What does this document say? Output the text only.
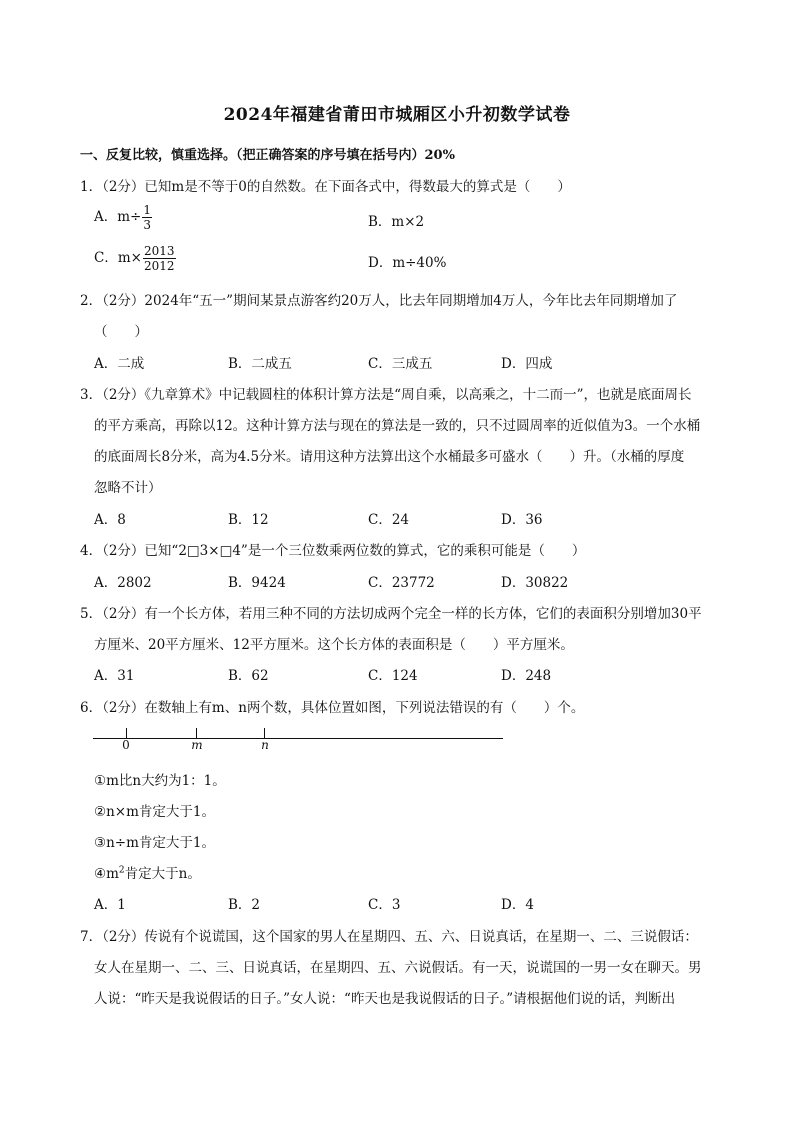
2024年福建省莆田市城厢区小升初数学试卷
一、反复比较，慎重选择。（把正确答案的序号填在括号内）20%
1．（2分）已知m是不等于0的自然数。在下面各式中，得数最大的算式是（　　）
A．$m\div \frac{1}{3}$	B．m×2
C．$m\times \frac{2013}{2012}$	D．m÷40%
2．（2分）2024年“五一”期间某景点游客约20万人，比去年同期增加4万人，今年比去年同期增加了
（　　）
A．二成	B．二成五	C．三成五	D．四成
3．（2分）《九章算术》中记载圆柱的体积计算方法是“周自乘，以高乘之，十二而一”，也就是底面周长
的平方乘高，再除以12。这种计算方法与现在的算法是一致的，只不过圆周率的近似值为3。一个水桶
的底面周长8分米，高为4.5分米。请用这种方法算出这个水桶最多可盛水（　　）升。（水桶的厚度
忽略不计）
A．8	B．12	C．24	D．36
4．（2分）已知“2□3×□4”是一个三位数乘两位数的算式，它的乘积可能是（　　）
A．2802	B．9424	C．23772	D．30822
5．（2分）有一个长方体，若用三种不同的方法切成两个完全一样的长方体，它们的表面积分别增加30平
方厘米、20平方厘米、12平方厘米。这个长方体的表面积是（　　）平方厘米。
A．31	B．62	C．124	D．248
6．（2分）在数轴上有m、n两个数，具体位置如图，下列说法错误的有（　　）个。
0	m	n
①m比n大约为1：1。
②n×m肯定大于1。
③n÷m肯定大于1。
$④m^2$肯定大于n。
A．1	B．2	C．3	D．4
7．（2分）传说有个说谎国，这个国家的男人在星期四、五、六、日说真话，在星期一、二、三说假话：
女人在星期一、二、三、日说真话，在星期四、五、六说假话。有一天，说谎国的一男一女在聊天。男
人说：“昨天是我说假话的日子。”女人说：“昨天也是我说假话的日子。”请根据他们说的话，判断出
